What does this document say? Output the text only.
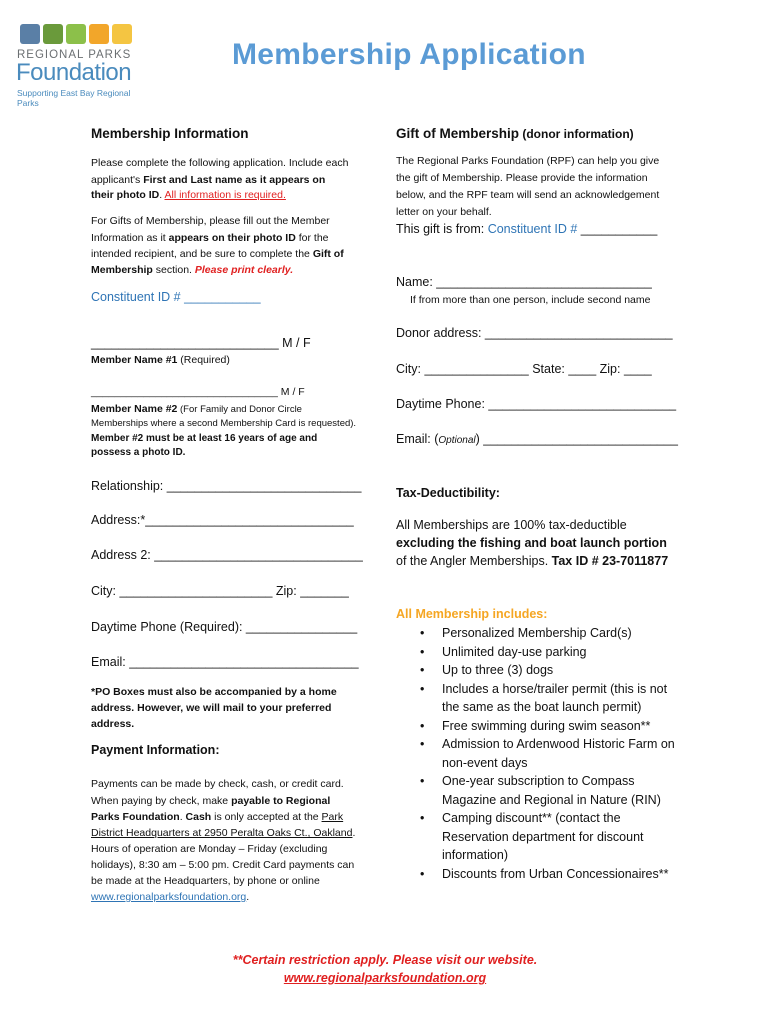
REGIONAL PARKS
Foundation
Supporting East Bay Regional Parks
Membership Application
Membership Information
Please complete the following application. Include each
applicant's First and Last name as it appears on
their photo ID. All information is required.
For Gifts of Membership, please fill out the Member
Information as it appears on their photo ID for the
intended recipient, and be sure to complete the Gift of
Membership section. Please print clearly.
Constituent ID # ___________
___________________________ M / F
Member Name #1 (Required)
________________________________ M / F
Member Name #2 (For Family and Donor Circle
Memberships where a second Membership Card is requested).
Member #2 must be at least 16 years of age and
possess a photo ID.
Relationship: ____________________________
Address:*______________________________
Address 2: ______________________________
City: ______________________ Zip: _______
Daytime Phone (Required): ________________
Email: _________________________________
*PO Boxes must also be accompanied by a home
address. However, we will mail to your preferred
address.
Payment Information:
Payments can be made by check, cash, or credit card.
When paying by check, make payable to Regional
Parks Foundation. Cash is only accepted at the Park
District Headquarters at 2950 Peralta Oaks Ct., Oakland.
Hours of operation are Monday – Friday (excluding
holidays), 8:30 am – 5:00 pm. Credit Card payments can
be made at the Headquarters, by phone or online
www.regionalparksfoundation.org.
Gift of Membership (donor information)
The Regional Parks Foundation (RPF) can help you give
the gift of Membership. Please provide the information
below, and the RPF team will send an acknowledgement
letter on your behalf.
This gift is from: Constituent ID # ___________
Name: _______________________________
If from more than one person, include second name
Donor address: ___________________________
City: _______________ State: ____ Zip: ____
Daytime Phone: ___________________________
Email: (Optional) ____________________________
Tax-Deductibility:
All Memberships are 100% tax-deductible
excluding the fishing and boat launch portion
of the Angler Memberships. Tax ID # 23-7011877
All Membership includes:
• Personalized Membership Card(s)
• Unlimited day-use parking
• Up to three (3) dogs
• Includes a horse/trailer permit (this is not
the same as the boat launch permit)
• Free swimming during swim season**
• Admission to Ardenwood Historic Farm on
non-event days
• One-year subscription to Compass
Magazine and Regional in Nature (RIN)
• Camping discount** (contact the
Reservation department for discount
information)
• Discounts from Urban Concessionaires**
**Certain restriction apply. Please visit our website.
www.regionalparksfoundation.org
